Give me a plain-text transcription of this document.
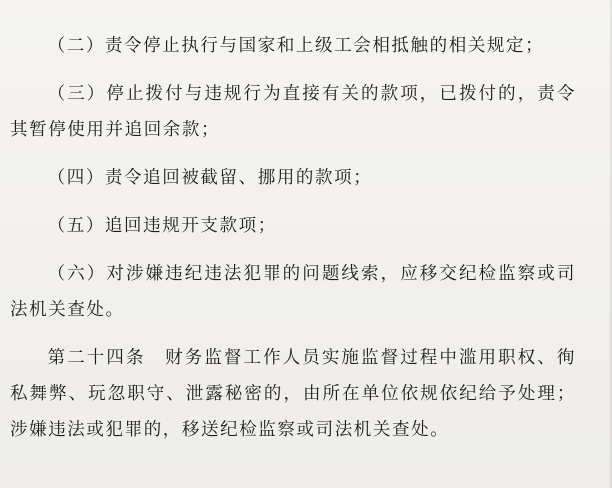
（二）责令停止执行与国家和上级工会相抵触的相关规定；

（三）停止拨付与违规行为直接有关的款项，已拨付的，责令其暂停使用并追回余款；

（四）责令追回被截留、挪用的款项；

（五）追回违规开支款项；

（六）对涉嫌违纪违法犯罪的问题线索，应移交纪检监察或司法机关查处。

第二十四条　财务监督工作人员实施监督过程中滥用职权、徇私舞弊、玩忽职守、泄露秘密的，由所在单位依规依纪给予处理；涉嫌违法或犯罪的，移送纪检监察或司法机关查处。
